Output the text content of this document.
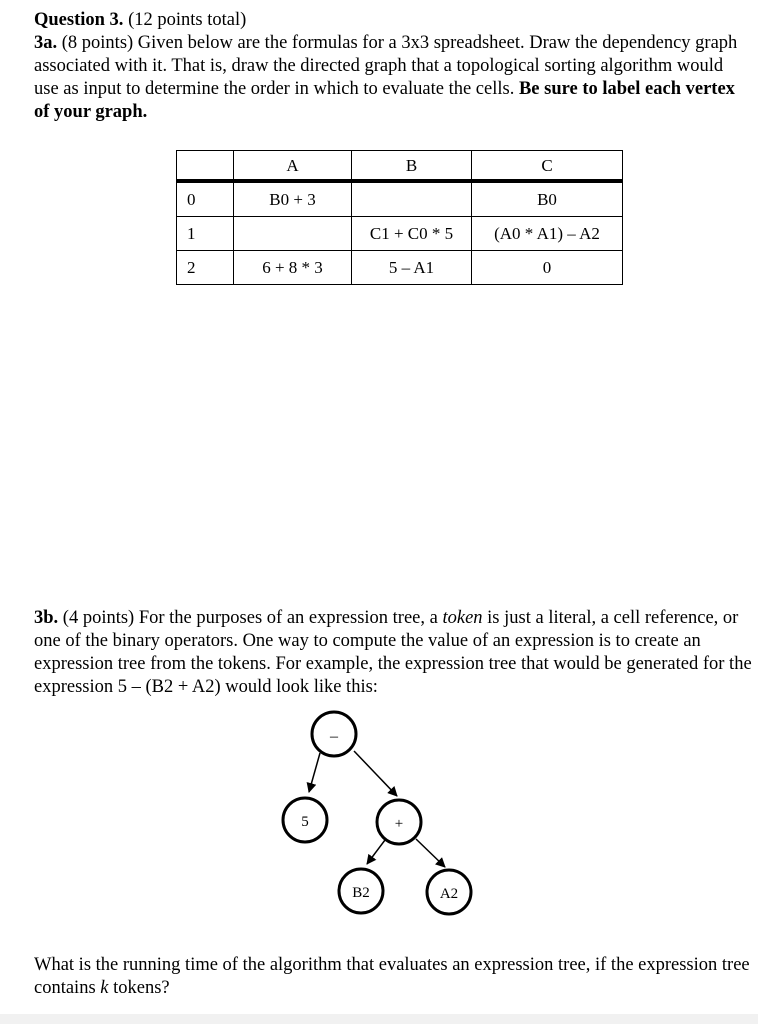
Question 3. (12 points total)
3a. (8 points) Given below are the formulas for a 3x3 spreadsheet. Draw the dependency graph associated with it. That is, draw the directed graph that a topological sorting algorithm would use as input to determine the order in which to evaluate the cells. Be sure to label each vertex of your graph.

	A	B	C
0	B0 + 3		B0
1		C1 + C0 * 5	(A0 * A1) – A2
2	6 + 8 * 3	5 – A1	0

3b. (4 points) For the purposes of an expression tree, a token is just a literal, a cell reference, or one of the binary operators. One way to compute the value of an expression is to create an expression tree from the tokens. For example, the expression tree that would be generated for the expression 5 – (B2 + A2) would look like this:

–
5	+
B2	A2

What is the running time of the algorithm that evaluates an expression tree, if the expression tree contains k tokens?
